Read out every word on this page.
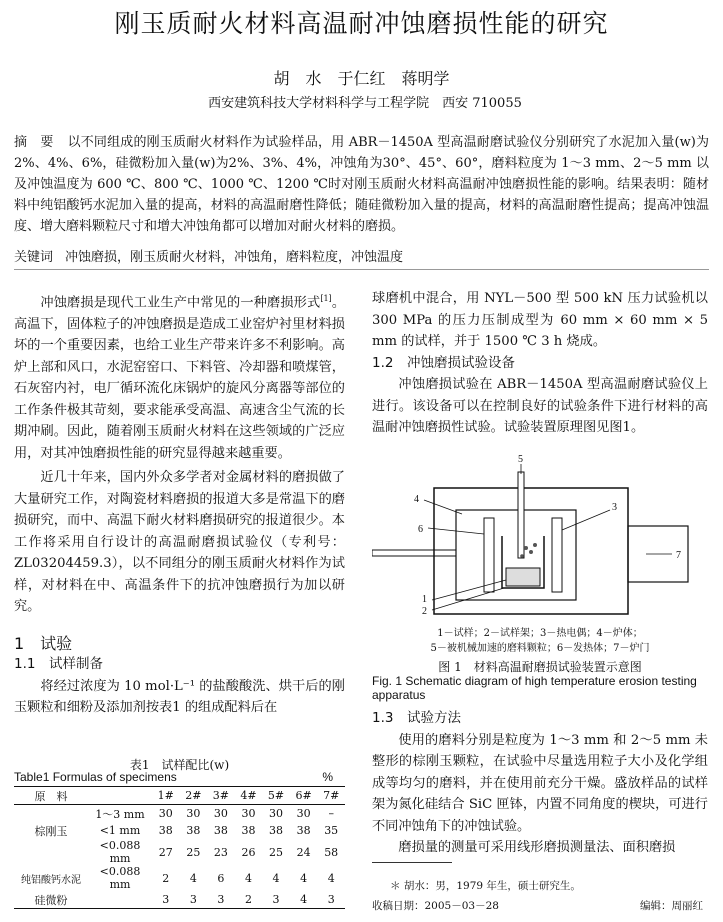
刚玉质耐火材料高温耐冲蚀磨损性能的研究
胡　水　于仁红　蒋明学
西安建筑科技大学材料科学与工程学院　西安 710055
摘　要 以不同组成的刚玉质耐火材料作为试验样品，用 ABR－1450A 型高温耐磨试验仪分别研究了水泥加入量(w)为2%、4%、6%，硅微粉加入量(w)为2%、3%、4%，冲蚀角为30°、45°、60°，磨料粒度为 1～3 mm、2～5 mm 以及冲蚀温度为 600 ℃、800 ℃、1000 ℃、1200 ℃时对刚玉质耐火材料高温耐冲蚀磨损性能的影响。结果表明：随材料中纯铝酸钙水泥加入量的提高，材料的高温耐磨性降低；随硅微粉加入量的提高，材料的高温耐磨性提高；提高冲蚀温度、增大磨料颗粒尺寸和增大冲蚀角都可以增加对耐火材料的磨损。
关键词 冲蚀磨损，刚玉质耐火材料，冲蚀角，磨料粒度，冲蚀温度

冲蚀磨损是现代工业生产中常见的一种磨损形式[1]。高温下，固体粒子的冲蚀磨损是造成工业窑炉衬里材料损坏的一个重要因素，也给工业生产带来许多不利影响。高炉上部和风口，水泥窑窑口、下料管、冷却器和喷煤管，石灰窑内衬，电厂循环流化床锅炉的旋风分离器等部位的工作条件极其苛刻，要求能承受高温、高速含尘气流的长期冲刷。因此，随着刚玉质耐火材料在这些领域的广泛应用，对其冲蚀磨损性能的研究显得越来越重要。

近几十年来，国内外众多学者对金属材料的磨损做了大量研究工作，对陶瓷材料磨损的报道大多是常温下的磨损研究，而中、高温下耐火材料磨损研究的报道很少。本工作将采用自行设计的高温耐磨损试验仪（专利号：ZL03204459.3），以不同组分的刚玉质耐火材料作为试样，对材料在中、高温条件下的抗冲蚀磨损行为加以研究。

1　试验
1.1　试样制备

将经过浓度为 10 mol·L⁻¹ 的盐酸酸洗、烘干后的刚玉颗粒和细粉及添加剂按表1 的组成配料后在

表1　试样配比(w)
Table1 Formulas of specimens	%
原　料		1#	2#	3#	4#	5#	6#	7#
	1～3 mm	30	30	30	30	30	30	–
棕刚玉	<1 mm	38	38	38	38	38	38	35
	<0.088 mm	27	25	23	26	25	24	58
纯铝酸钙水泥	<0.088 mm	2	4	6	4	4	4	4
硅微粉		3	3	3	2	3	4	3

球磨机中混合，用 NYL－500 型 500 kN 压力试验机以 300 MPa 的压力压制成型为 60 mm × 60 mm × 5 mm 的试样，并于 1500 ℃ 3 h 烧成。

1.2　冲蚀磨损试验设备

冲蚀磨损试验在 ABR－1450A 型高温耐磨试验仪上进行。该设备可以在控制良好的试验条件下进行材料的高温耐冲蚀磨损性试验。试验装置原理图见图1。

4
6
5
3
7
1
2
1－试样；2－试样架；3－热电偶；4－炉体；
5－被机械加速的磨料颗粒；6－发热体；7－炉门
图 1　材料高温耐磨损试验装置示意图
Fig. 1 Schematic diagram of high temperature erosion testing apparatus
1.3　试验方法

使用的磨料分别是粒度为 1～3 mm 和 2～5 mm 未整形的棕刚玉颗粒，在试验中尽量选用粒子大小及化学组成等均匀的磨料，并在使用前充分干燥。盛放样品的试样架为氮化硅结合 SiC 匣钵，内置不同角度的楔块，可进行不同冲蚀角下的冲蚀试验。

磨损量的测量可采用线形磨损测量法、面积磨损

＊ 胡水：男，1979 年生，硕士研究生。
收稿日期：2005－03－28	编辑：周丽红
